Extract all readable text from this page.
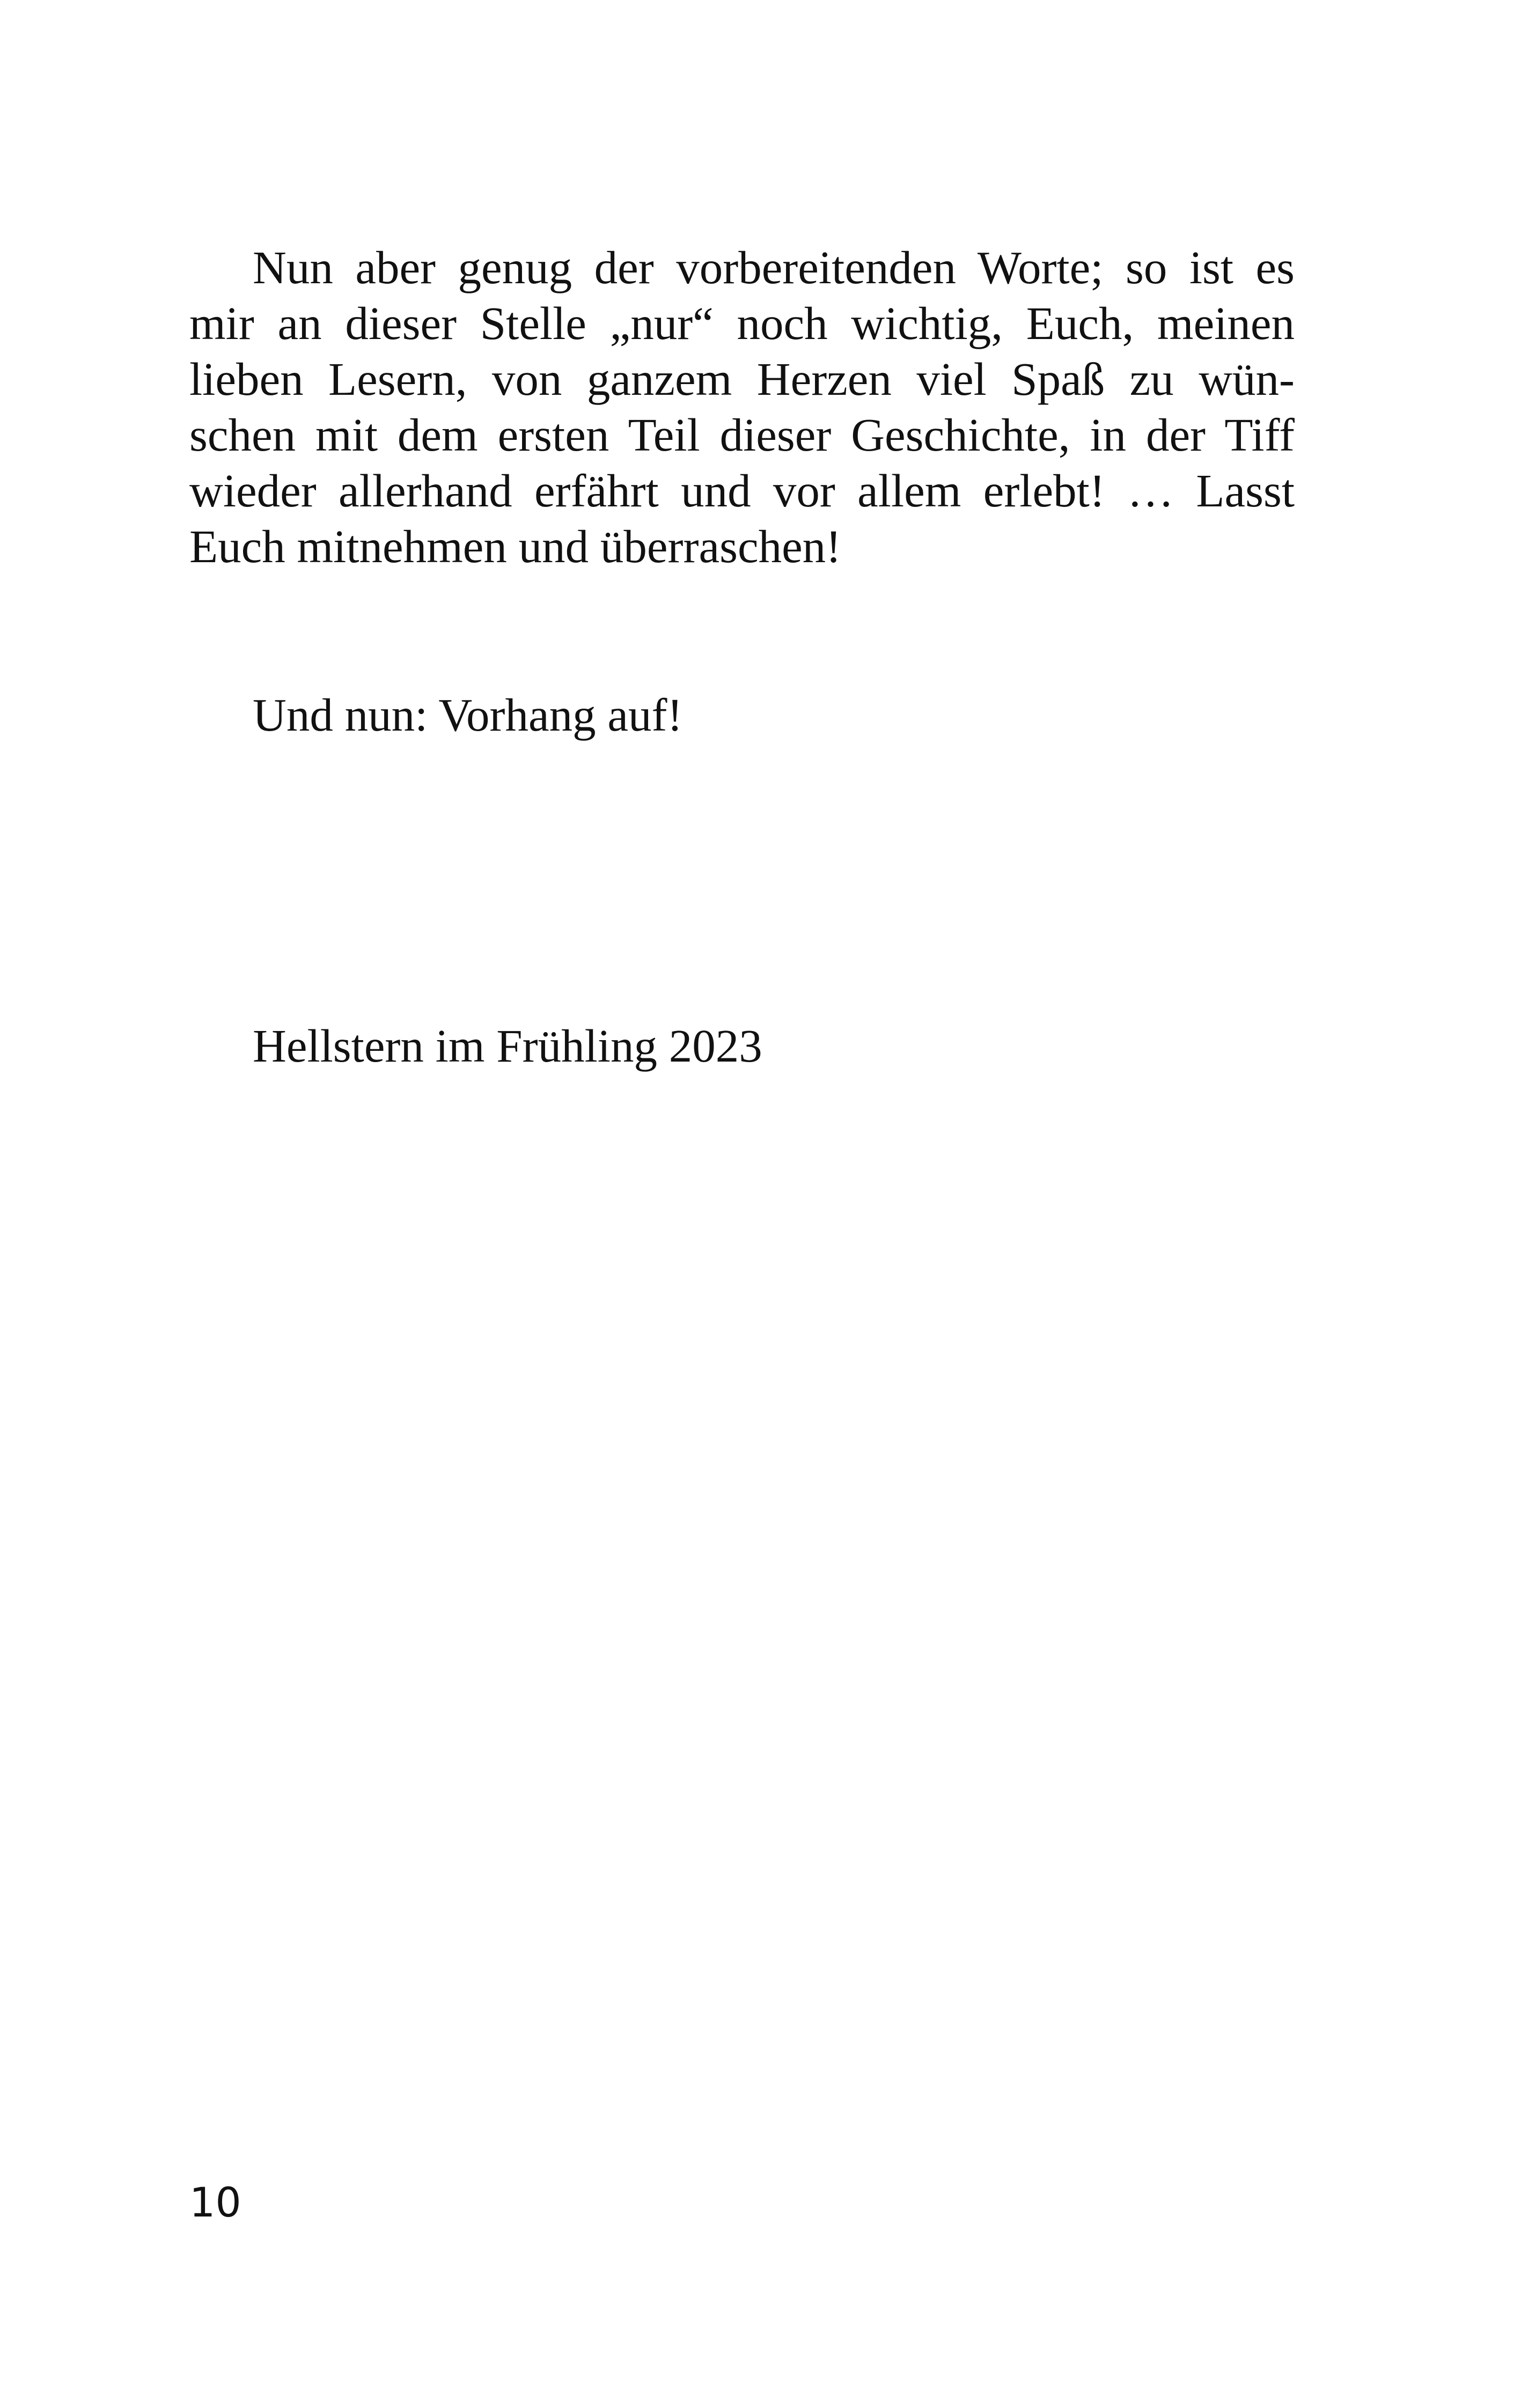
Nun aber genug der vorbereitenden Worte; so ist es
mir an dieser Stelle „nur“ noch wichtig, Euch, meinen
lieben Lesern, von ganzem Herzen viel Spaß zu wün-
schen mit dem ersten Teil dieser Geschichte, in der Tiff
wieder allerhand erfährt und vor allem erlebt! … Lasst
Euch mitnehmen und überraschen!

Und nun: Vorhang auf!

Hellstern im Frühling 2023

10
